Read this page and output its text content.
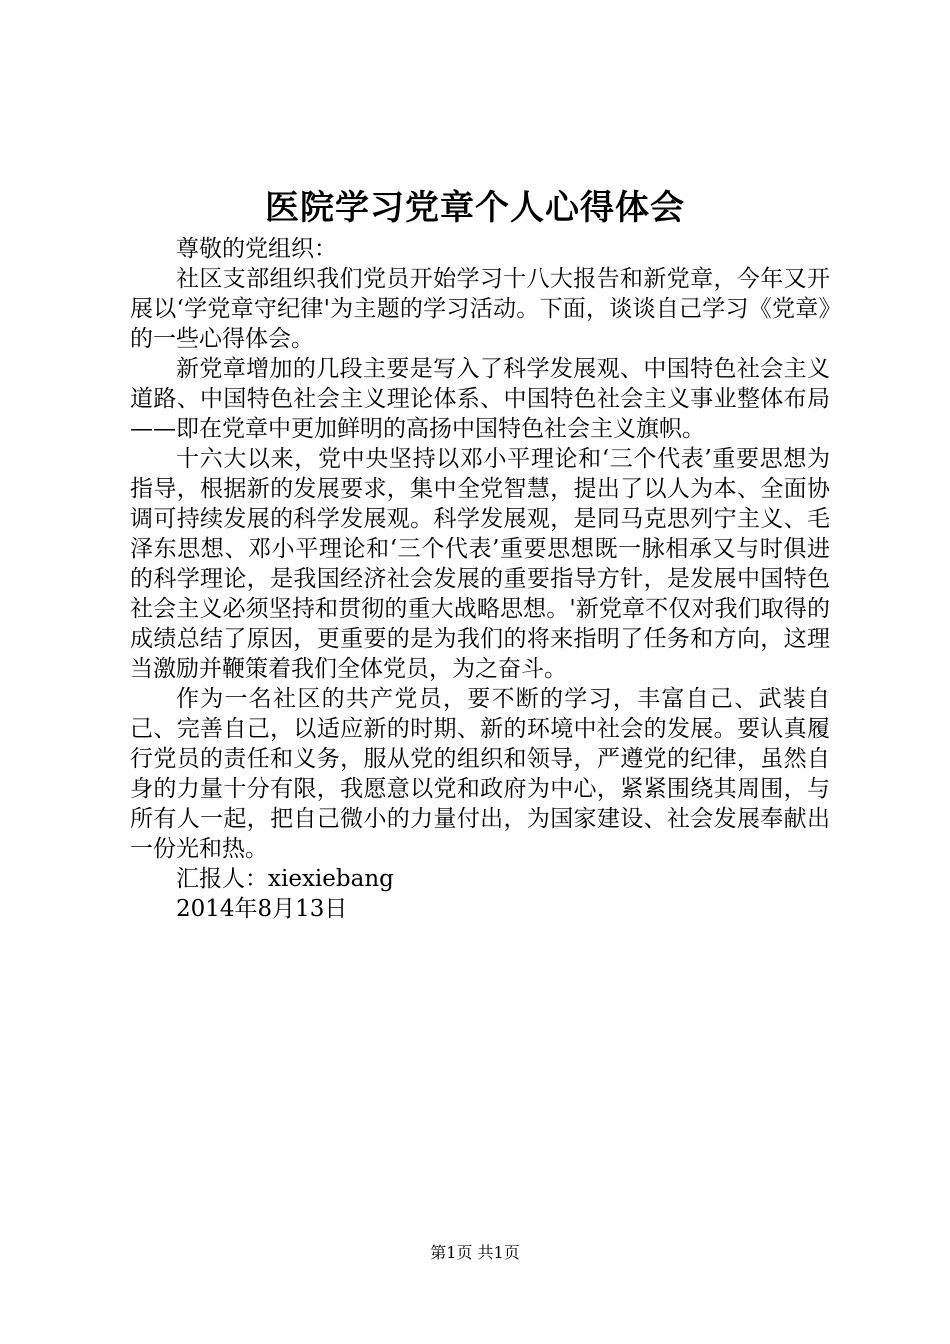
医院学习党章个人心得体会

尊敬的党组织：

社区支部组织我们党员开始学习十八大报告和新党章，今年又开展以‘学党章守纪律'为主题的学习活动。下面，谈谈自己学习《党章》的一些心得体会。

新党章增加的几段主要是写入了科学发展观、中国特色社会主义道路、中国特色社会主义理论体系、中国特色社会主义事业整体布局——即在党章中更加鲜明的高扬中国特色社会主义旗帜。

十六大以来，党中央坚持以邓小平理论和‘三个代表’重要思想为指导，根据新的发展要求，集中全党智慧，提出了以人为本、全面协调可持续发展的科学发展观。科学发展观，是同马克思列宁主义、毛泽东思想、邓小平理论和‘三个代表’重要思想既一脉相承又与时俱进的科学理论，是我国经济社会发展的重要指导方针，是发展中国特色社会主义必须坚持和贯彻的重大战略思想。'新党章不仅对我们取得的成绩总结了原因，更重要的是为我们的将来指明了任务和方向，这理当激励并鞭策着我们全体党员，为之奋斗。

作为一名社区的共产党员，要不断的学习，丰富自己、武装自己、完善自己，以适应新的时期、新的环境中社会的发展。要认真履行党员的责任和义务，服从党的组织和领导，严遵党的纪律，虽然自身的力量十分有限，我愿意以党和政府为中心，紧紧围绕其周围，与所有人一起，把自己微小的力量付出，为国家建设、社会发展奉献出一份光和热。

汇报人：xiexiebang

2014年8月13日

第1页 共1页
